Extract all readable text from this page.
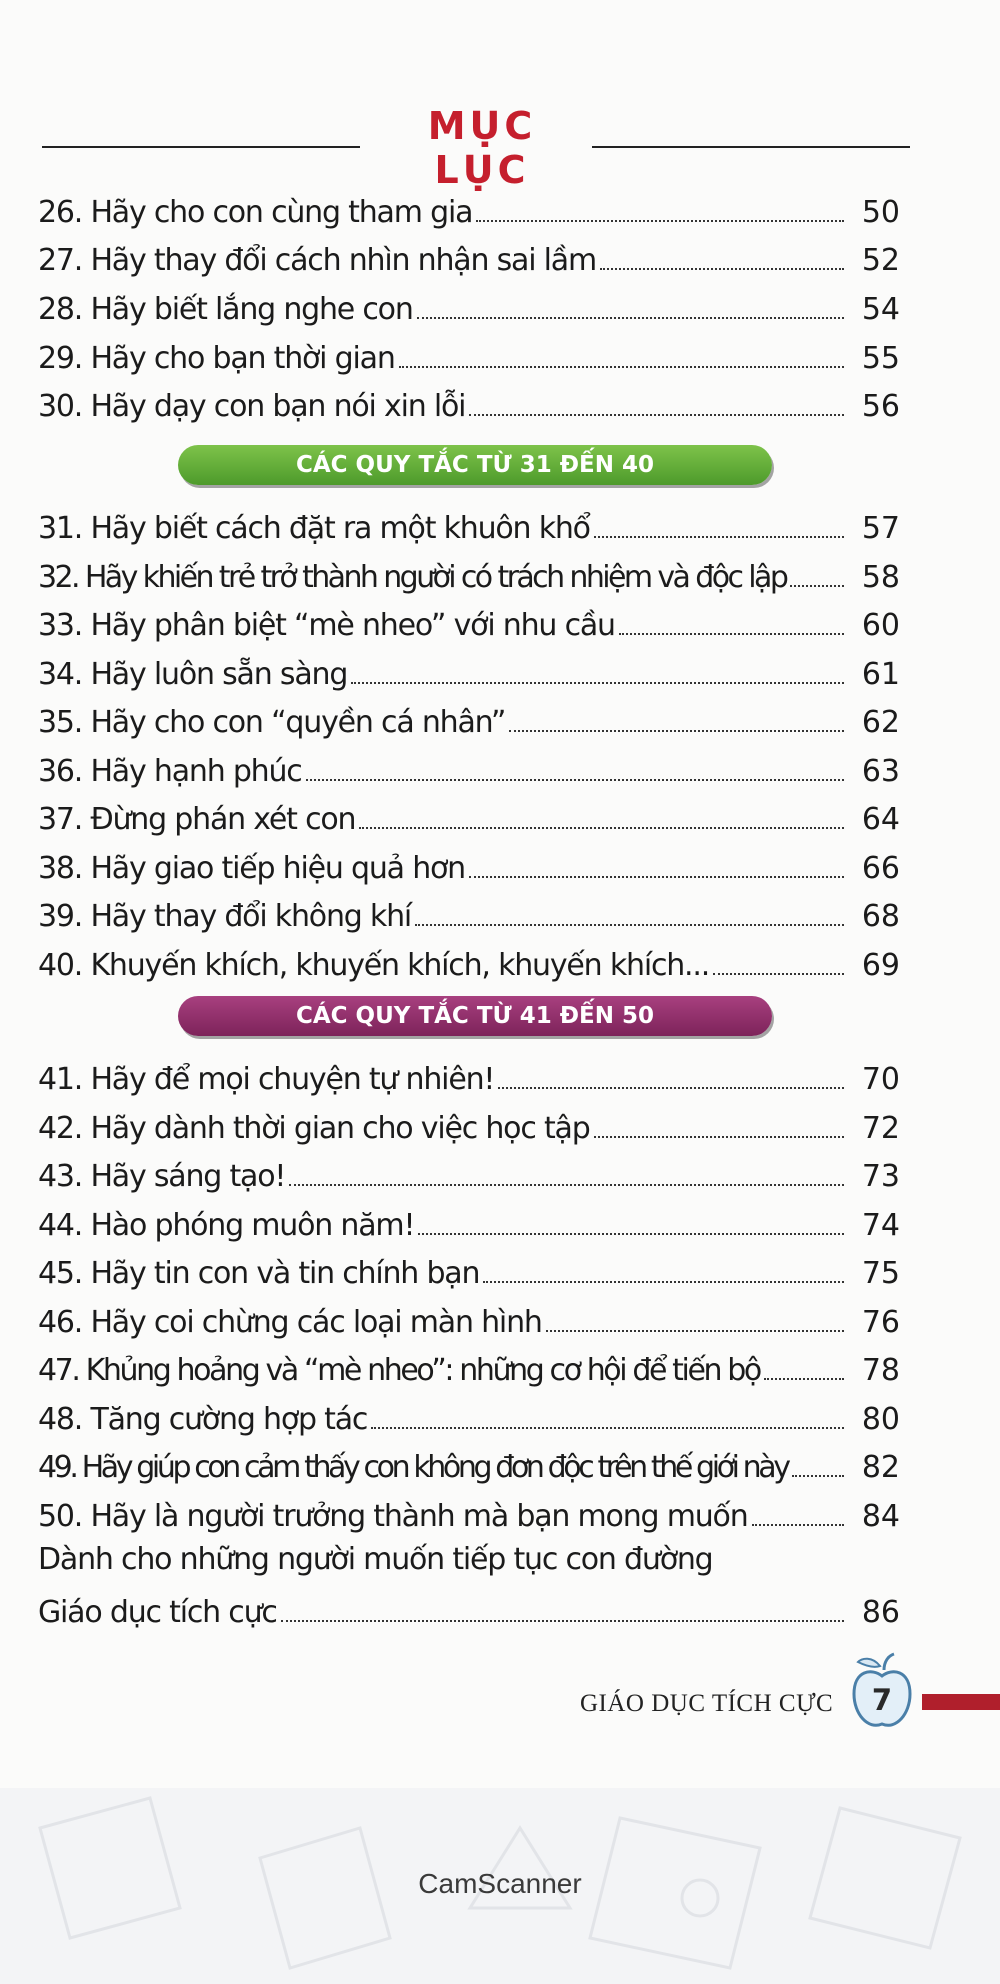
MỤC LỤC
26. Hãy cho con cùng tham gia	50
27. Hãy thay đổi cách nhìn nhận sai lầm	52
28. Hãy biết lắng nghe con	54
29. Hãy cho bạn thời gian	55
30. Hãy dạy con bạn nói xin lỗi	56
CÁC QUY TẮC TỪ 31 ĐẾN 40
31. Hãy biết cách đặt ra một khuôn khổ	57
32. Hãy khiến trẻ trở thành người có trách nhiệm và độc lập	58
33. Hãy phân biệt “mè nheo” với nhu cầu	60
34. Hãy luôn sẵn sàng	61
35. Hãy cho con “quyền cá nhân”	62
36. Hãy hạnh phúc	63
37. Đừng phán xét con	64
38. Hãy giao tiếp hiệu quả hơn	66
39. Hãy thay đổi không khí	68
40. Khuyến khích, khuyến khích, khuyến khích...	69
CÁC QUY TẮC TỪ 41 ĐẾN 50
41. Hãy để mọi chuyện tự nhiên!	70
42. Hãy dành thời gian cho việc học tập	72
43. Hãy sáng tạo!	73
44. Hào phóng muôn năm!	74
45. Hãy tin con và tin chính bạn	75
46. Hãy coi chừng các loại màn hình	76
47. Khủng hoảng và “mè nheo”: những cơ hội để tiến bộ	78
48. Tăng cường hợp tác	80
49. Hãy giúp con cảm thấy con không đơn độc trên thế giới này	82
50. Hãy là người trưởng thành mà bạn mong muốn	84
Dành cho những người muốn tiếp tục con đường
Giáo dục tích cực	86
GIÁO DỤC TÍCH CỰC	7
CamScanner
